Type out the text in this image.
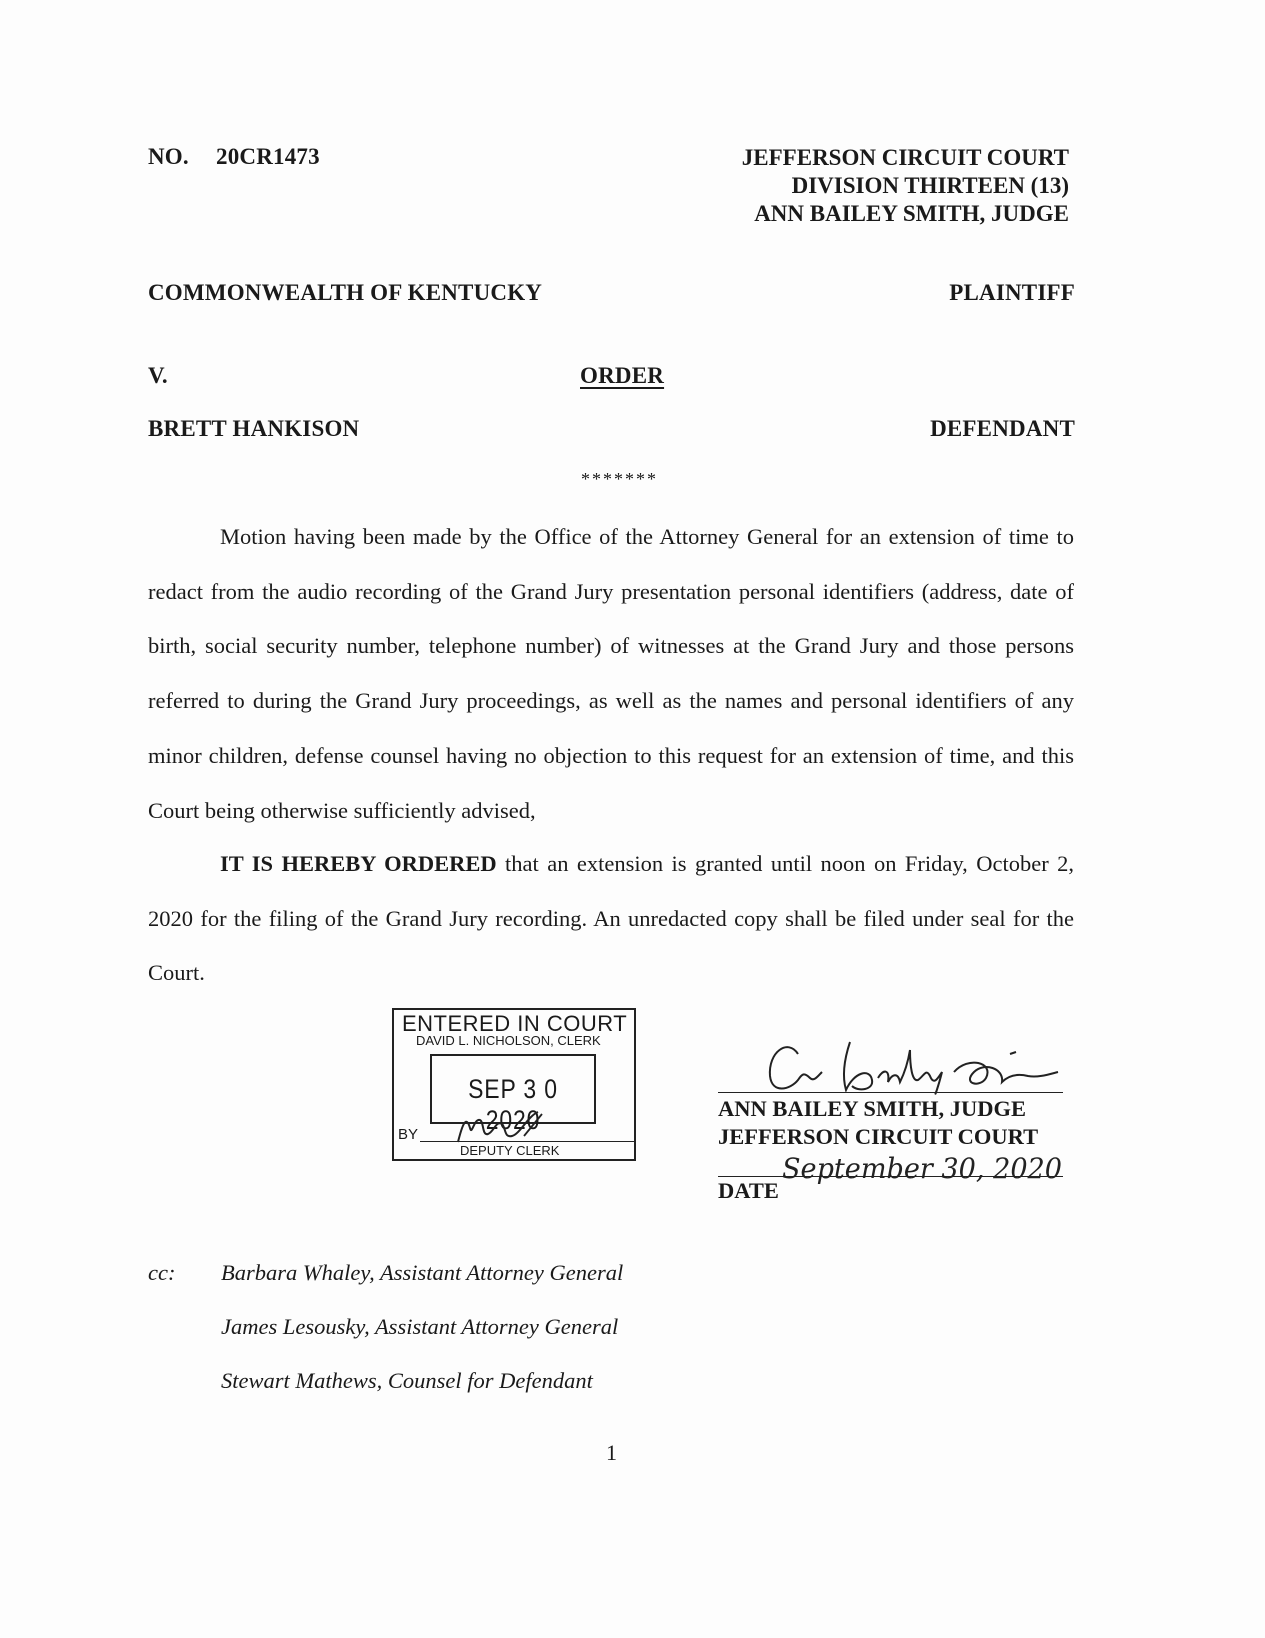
NO. 20CR1473	JEFFERSON CIRCUIT COURT
DIVISION THIRTEEN (13)
ANN BAILEY SMITH, JUDGE
COMMONWEALTH OF KENTUCKY	PLAINTIFF
V.	ORDER
BRETT HANKISON	DEFENDANT
*******

Motion having been made by the Office of the Attorney General for an extension of time to redact from the audio recording of the Grand Jury presentation personal identifiers (address, date of birth, social security number, telephone number) of witnesses at the Grand Jury and those persons referred to during the Grand Jury proceedings, as well as the names and personal identifiers of any minor children, defense counsel having no objection to this request for an extension of time, and this Court being otherwise sufficiently advised,

IT IS HEREBY ORDERED that an extension is granted until noon on Friday, October 2, 2020 for the filing of the Grand Jury recording. An unredacted copy shall be filed under seal for the Court.

ENTERED IN COURT
DAVID L. NICHOLSON, CLERK
SEP 3 0 2020
BY
DEPUTY CLERK
ANN BAILEY SMITH, JUDGE
JEFFERSON CIRCUIT COURT
September 30, 2020
DATE
cc: Barbara Whaley, Assistant Attorney General
James Lesousky, Assistant Attorney General
Stewart Mathews, Counsel for Defendant
1
